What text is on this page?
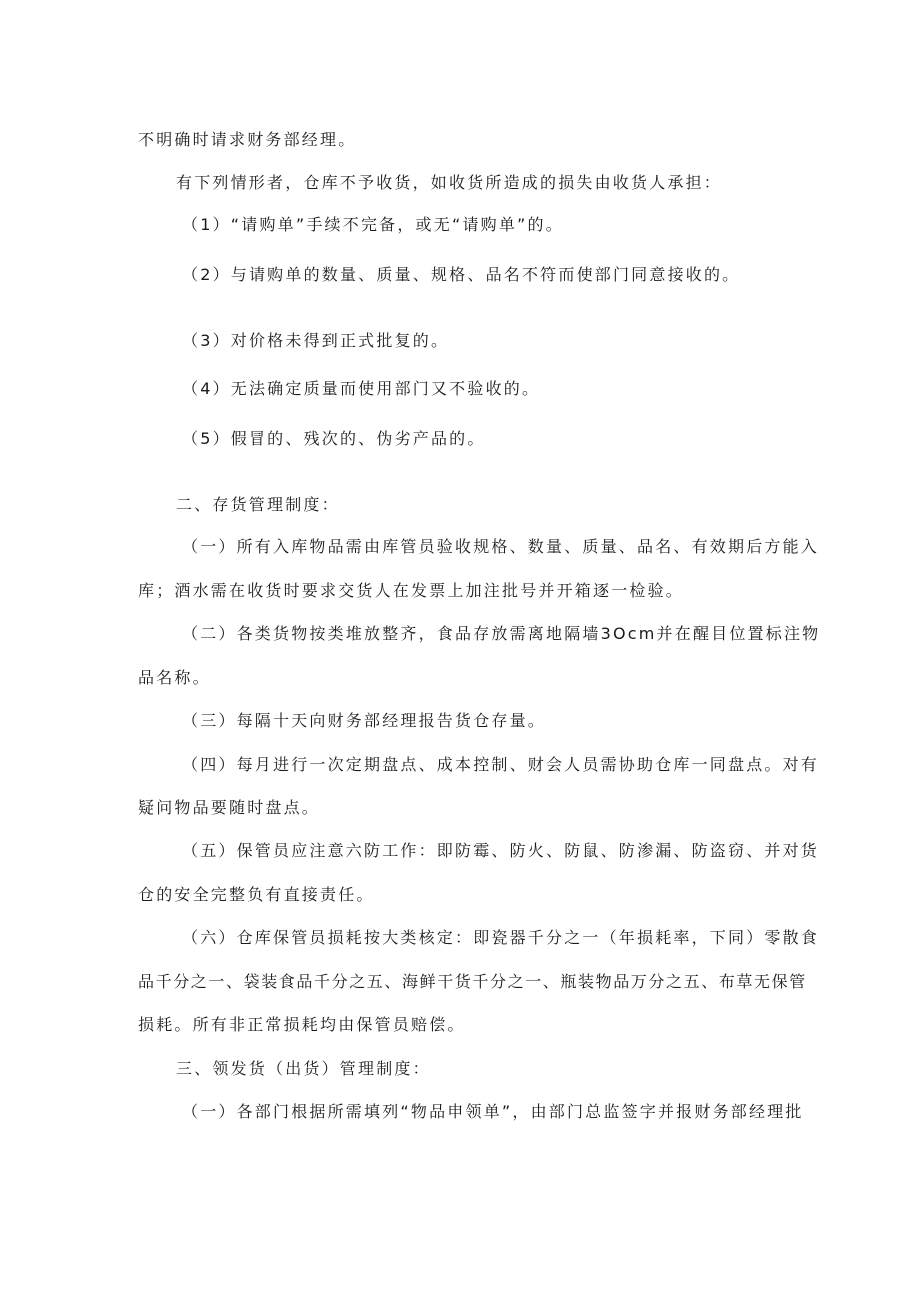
不明确时请求财务部经理。
有下列情形者，仓库不予收货，如收货所造成的损失由收货人承担：
（1）“请购单”手续不完备，或无“请购单”的。
（2）与请购单的数量、质量、规格、品名不符而使部门同意接收的。
（3）对价格未得到正式批复的。
（4）无法确定质量而使用部门又不验收的。
（5）假冒的、残次的、伪劣产品的。
二、存货管理制度：
（一）所有入库物品需由库管员验收规格、数量、质量、品名、有效期后方能入
库；酒水需在收货时要求交货人在发票上加注批号并开箱逐一检验。
（二）各类货物按类堆放整齐，食品存放需离地隔墙3Ocm并在醒目位置标注物
品名称。
（三）每隔十天向财务部经理报告货仓存量。
（四）每月进行一次定期盘点、成本控制、财会人员需协助仓库一同盘点。对有
疑问物品要随时盘点。
（五）保管员应注意六防工作：即防霉、防火、防鼠、防渗漏、防盗窃、并对货
仓的安全完整负有直接责任。
（六）仓库保管员损耗按大类核定：即瓷器千分之一（年损耗率，下同）零散食
品千分之一、袋装食品千分之五、海鲜干货千分之一、瓶装物品万分之五、布草无保管
损耗。所有非正常损耗均由保管员赔偿。
三、领发货（出货）管理制度：
（一）各部门根据所需填列“物品申领单”，由部门总监签字并报财务部经理批
